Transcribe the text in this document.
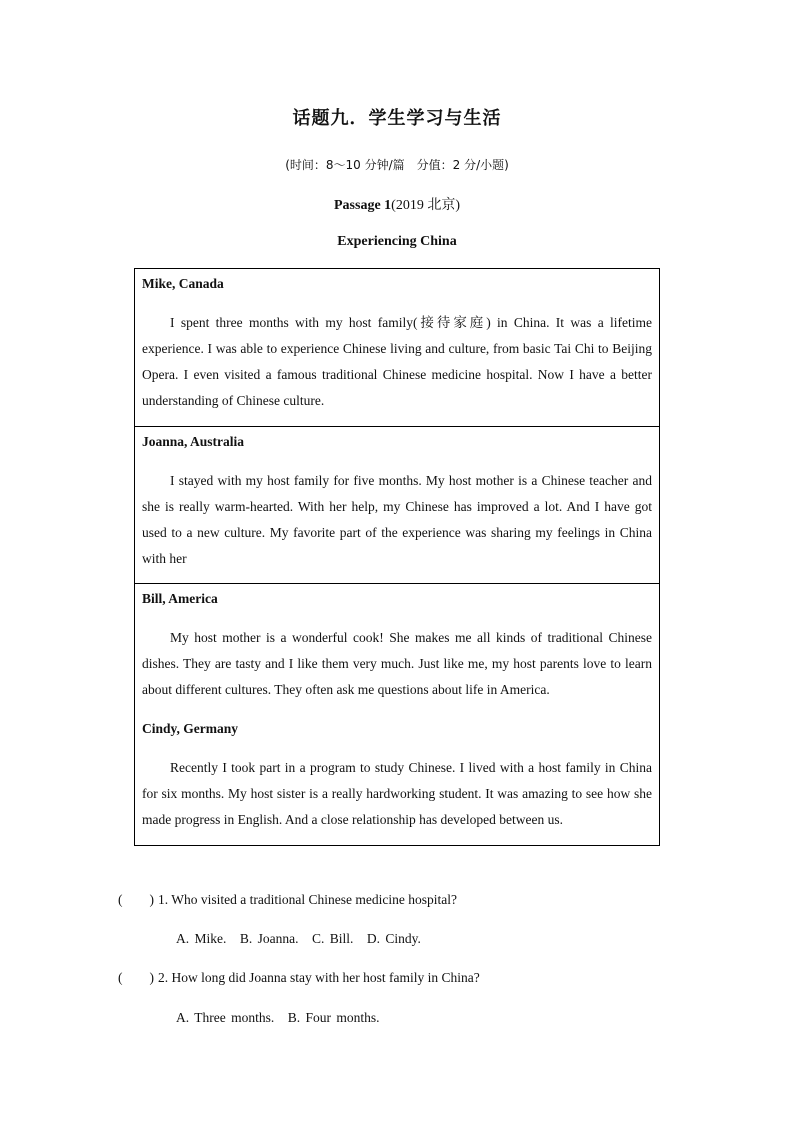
话题九．学生学习与生活
(时间：8～10 分钟/篇　分值：2 分/小题)
Passage 1(2019 北京)
Experiencing China
Mike, Canada
I spent three months with my host family(接待家庭) in China. It was a lifetime experience. I was able to experience Chinese living and culture, from basic Tai Chi to Beijing Opera. I even visited a famous traditional Chinese medicine hospital. Now I have a better understanding of Chinese culture.
Joanna, Australia
I stayed with my host family for five months. My host mother is a Chinese teacher and she is really warm-hearted. With her help, my Chinese has improved a lot. And I have got used to a new culture. My favorite part of the experience was sharing my feelings in China with her
Bill, America
My host mother is a wonderful cook! She makes me all kinds of traditional Chinese dishes. They are tasty and I like them very much. Just like me, my host parents love to learn about different cultures. They often ask me questions about life in America.
Cindy, Germany
Recently I took part in a program to study Chinese. I lived with a host family in China for six months. My host sister is a really hardworking student. It was amazing to see how she made progress in English. And a close relationship has developed between us.
(　　) 1. Who visited a traditional Chinese medicine hospital?
A. Mike.　B. Joanna.　C. Bill.　D. Cindy.
(　　) 2. How long did Joanna stay with her host family in China?
A. Three months.　B. Four months.
